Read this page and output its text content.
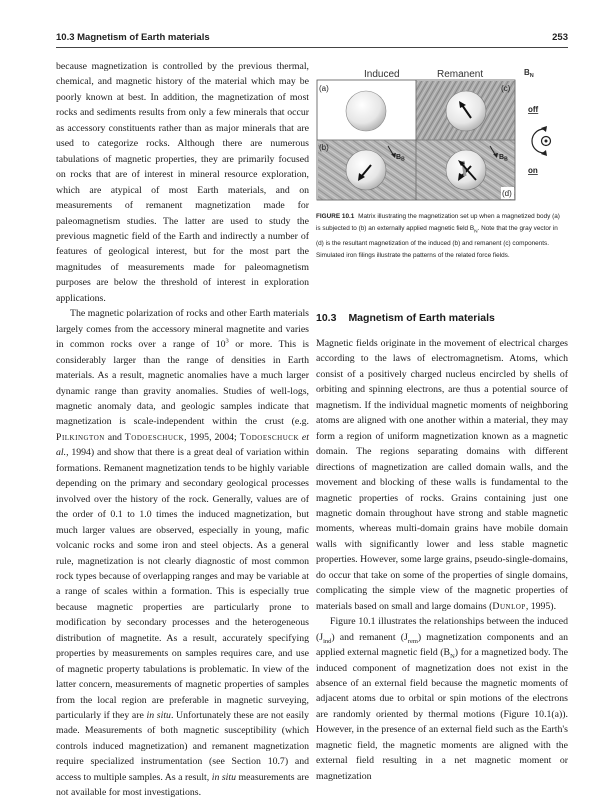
10.3 Magnetism of Earth materials	253

because magnetization is controlled by the previous thermal, chemical, and magnetic history of the material which may be poorly known at best. In addition, the magnetization of most rocks and sediments results from only a few minerals that occur as accessory constituents rather than as major minerals that are used to categorize rocks. Although there are numerous tabulations of magnetic properties, they are primarily focused on rocks that are of interest in mineral resource exploration, which are atypical of most Earth materials, and on measurements of remanent magnetization made for paleomagnetism studies. The latter are used to study the previous magnetic field of the Earth and indirectly a number of features of geological interest, but for the most part the magnitudes of measurements made for paleomagnetism purposes are below the threshold of interest in exploration applications.

The magnetic polarization of rocks and other Earth materials largely comes from the accessory mineral magnetite and varies in common rocks over a range of $10^3$ or more. This is considerably larger than the range of densities in Earth materials. As a result, magnetic anomalies have a much larger dynamic range than gravity anomalies. Studies of well-logs, magnetic anomaly data, and geologic samples indicate that magnetization is scale-independent within the crust (e.g. Pilkington and Todoeschuck, 1995, 2004; Todoeschuck et al., 1994) and show that there is a great deal of variation within formations. Remanent magnetization tends to be highly variable depending on the primary and secondary geological processes involved over the history of the rock. Generally, values are of the order of 0.1 to 1.0 times the induced magnetization, but much larger values are observed, especially in young, mafic volcanic rocks and some iron and steel objects. As a general rule, magnetization is not clearly diagnostic of most common rock types because of overlapping ranges and may be variable at a range of scales within a formation. This is especially true because magnetic properties are particularly prone to modification by secondary processes and the heterogeneous distribution of magnetite. As a result, accurately specifying properties by measurements on samples requires care, and use of magnetic property tabulations is problematic. In view of the latter concern, measurements of magnetic properties of samples from the local region are preferable in magnetic surveying, particularly if they are in situ. Unfortunately these are not easily made. Measurements of both magnetic susceptibility (which controls induced magnetization) and remanent magnetization require specialized instrumentation (see Section 10.7) and access to multiple samples. As a result, in situ measurements are not available for most investigations.

Induced	Remanent	$B_N$
(a)	(c)
$B_B$
(b)
$B_B$
(d)
off
on
FIGURE 10.1 Matrix illustrating the magnetization set up when a magnetized body (a) is subjected to (b) an externally applied magnetic field $B_N$. Note that the gray vector in (d) is the resultant magnetization of the induced (b) and remanent (c) components. Simulated iron filings illustrate the patterns of the related force fields.
10.3 Magnetism of Earth materials

Magnetic fields originate in the movement of electrical charges according to the laws of electromagnetism. Atoms, which consist of a positively charged nucleus encircled by shells of orbiting and spinning electrons, are thus a potential source of magnetism. If the individual magnetic moments of neighboring atoms are aligned with one another within a material, they may form a region of uniform magnetization known as a magnetic domain. The regions separating domains with different directions of magnetization are called domain walls, and the movement and blocking of these walls is fundamental to the magnetic properties of rocks. Grains containing just one magnetic domain throughout have strong and stable magnetic moments, whereas multi-domain grains have mobile domain walls with significantly lower and less stable magnetic properties. However, some large grains, pseudo-single-domains, do occur that take on some of the properties of single domains, complicating the simple view of the magnetic properties of materials based on small and large domains (Dunlop, 1995).

Figure 10.1 illustrates the relationships between the induced $(J_{ind})$ and remanent $(J_{rem})$ magnetization components and an applied external magnetic field $(B_N)$ for a magnetized body. The induced component of magnetization does not exist in the absence of an external field because the magnetic moments of adjacent atoms due to orbital or spin motions of the electrons are randomly oriented by thermal motions (Figure 10.1(a)). However, in the presence of an external field such as the Earth's magnetic field, the magnetic moments are aligned with the external field resulting in a net magnetic moment or magnetization
